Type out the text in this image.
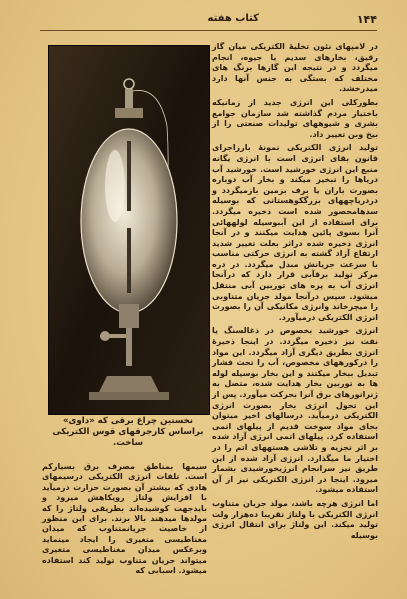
۱۴۴
کتاب هفته
نخستین چراغ برقی که «داوی» براساس کارجرقهای قوس الکتریکی ساخت.

در لامپهای نئون تخلیهٔ الکتریکی میان گاز رقیق، بخارهای سدیم یا جیوه، انجام میگردد و در نتیجه این گازها برنگ های مختلف که بستگی به جنس آنها دارد میدرخشد.

بطورکلی این انرژی جدید از زمانیکه باختیار مردم گذاشته شد سازمان جوامع بشری و شیوههای تولیدات صنعتی را از بیخ وبن تغییر داد.

تولید انرژی الکتریکی نمونهٔ بارزاجرای قانون بقای انرژی است با انرژی یگانه منبع این انرژی خورشید است. خورشید آب دریاها را تبخیر میکند و بخار آب دوباره بصورت باران یا برف بزمین بازمیگردد و دردریاچههای بزرگکوهستانی که بوسیله سدهامحصور شده است ذخیره میگردد. برای استفاده از این آببوسیله لولههائی آنرا بسوی پائین هدایت میکنند و در آنجا انرژی ذخیره شده دراثر بعلت تغییر شدید ارتفاع آزاد گشته به انرژی حرکتی مناسب با سرعت جریانش مبدل میگردد. در دره مرکز تولید برقآبی قرار دارد که درآنجا انرژی آب به پره های توربین آبی منتقل میشود. سپس درآنجا مولد جریان متناوبی را میچرخاند وانرژی مکانیکی آن را بصورت انرژی الکتریکی درمیآورد.

انرژی خورشید بخصوص در ذغالسنگ یا نفت نیز ذخیره میگردد. در اینجا ذخیرهٔ انرژی بطریق دیگری آزاد میگردد. این مواد را درکورههای مخصوص، آب را تحت فشار تبدیل ببخار میکنند و این بخار بوسیله لوله ها به توربین بخار هدایت شده، متصل به ژنراتورهای برق آنرا بحرکت میآورد. پس از این تحول انرژی بخار بصورت انرژی الکتریکی درمیآید. درسالهای اخیر میتوان بجای مواد سوخت قدیم از پیلهای اتمی استفاده کرد. پیلهای اتمی انرژی آزاد شده بر اثر تجزیه و تلاشی هستههای اتم را در اختیار ما میگذارد. انرژی آزاد شده از این طریق نیز سرانجام انرژیخورشیدی بشمار میرود. اینجا در انرژی الکتریکی نیز از آن استفاده میشود.

اما انرژی هرچه باشد، مولد جریان متناوب انرژی الکتریکی با ولتاژ تقریبا ده‌هزار ولت تولید میکند. این ولتاژ برای انتقال انرژی بوسیله

سیمها بمناطق مصرف برق بسیارکم است. تلفات انرژی الکتریکی درسیمهای هادی که بیشتر آن بصورت حرارت درمیآید با افزایش ولتاژ رویکاهش میرود و بایدجهت کوشیده‌اند بطریقی ولتاژ را که مولدها میدهند بالا برند. برای این منظور از خاصیت جریانمتناوب که میدان مغناطیسی متغیری را ایجاد مینماید وبرعکس میدان مغناطیسی متغیری میتواند جریان متناوب تولید کند استفاده میشود. اسبابی که
